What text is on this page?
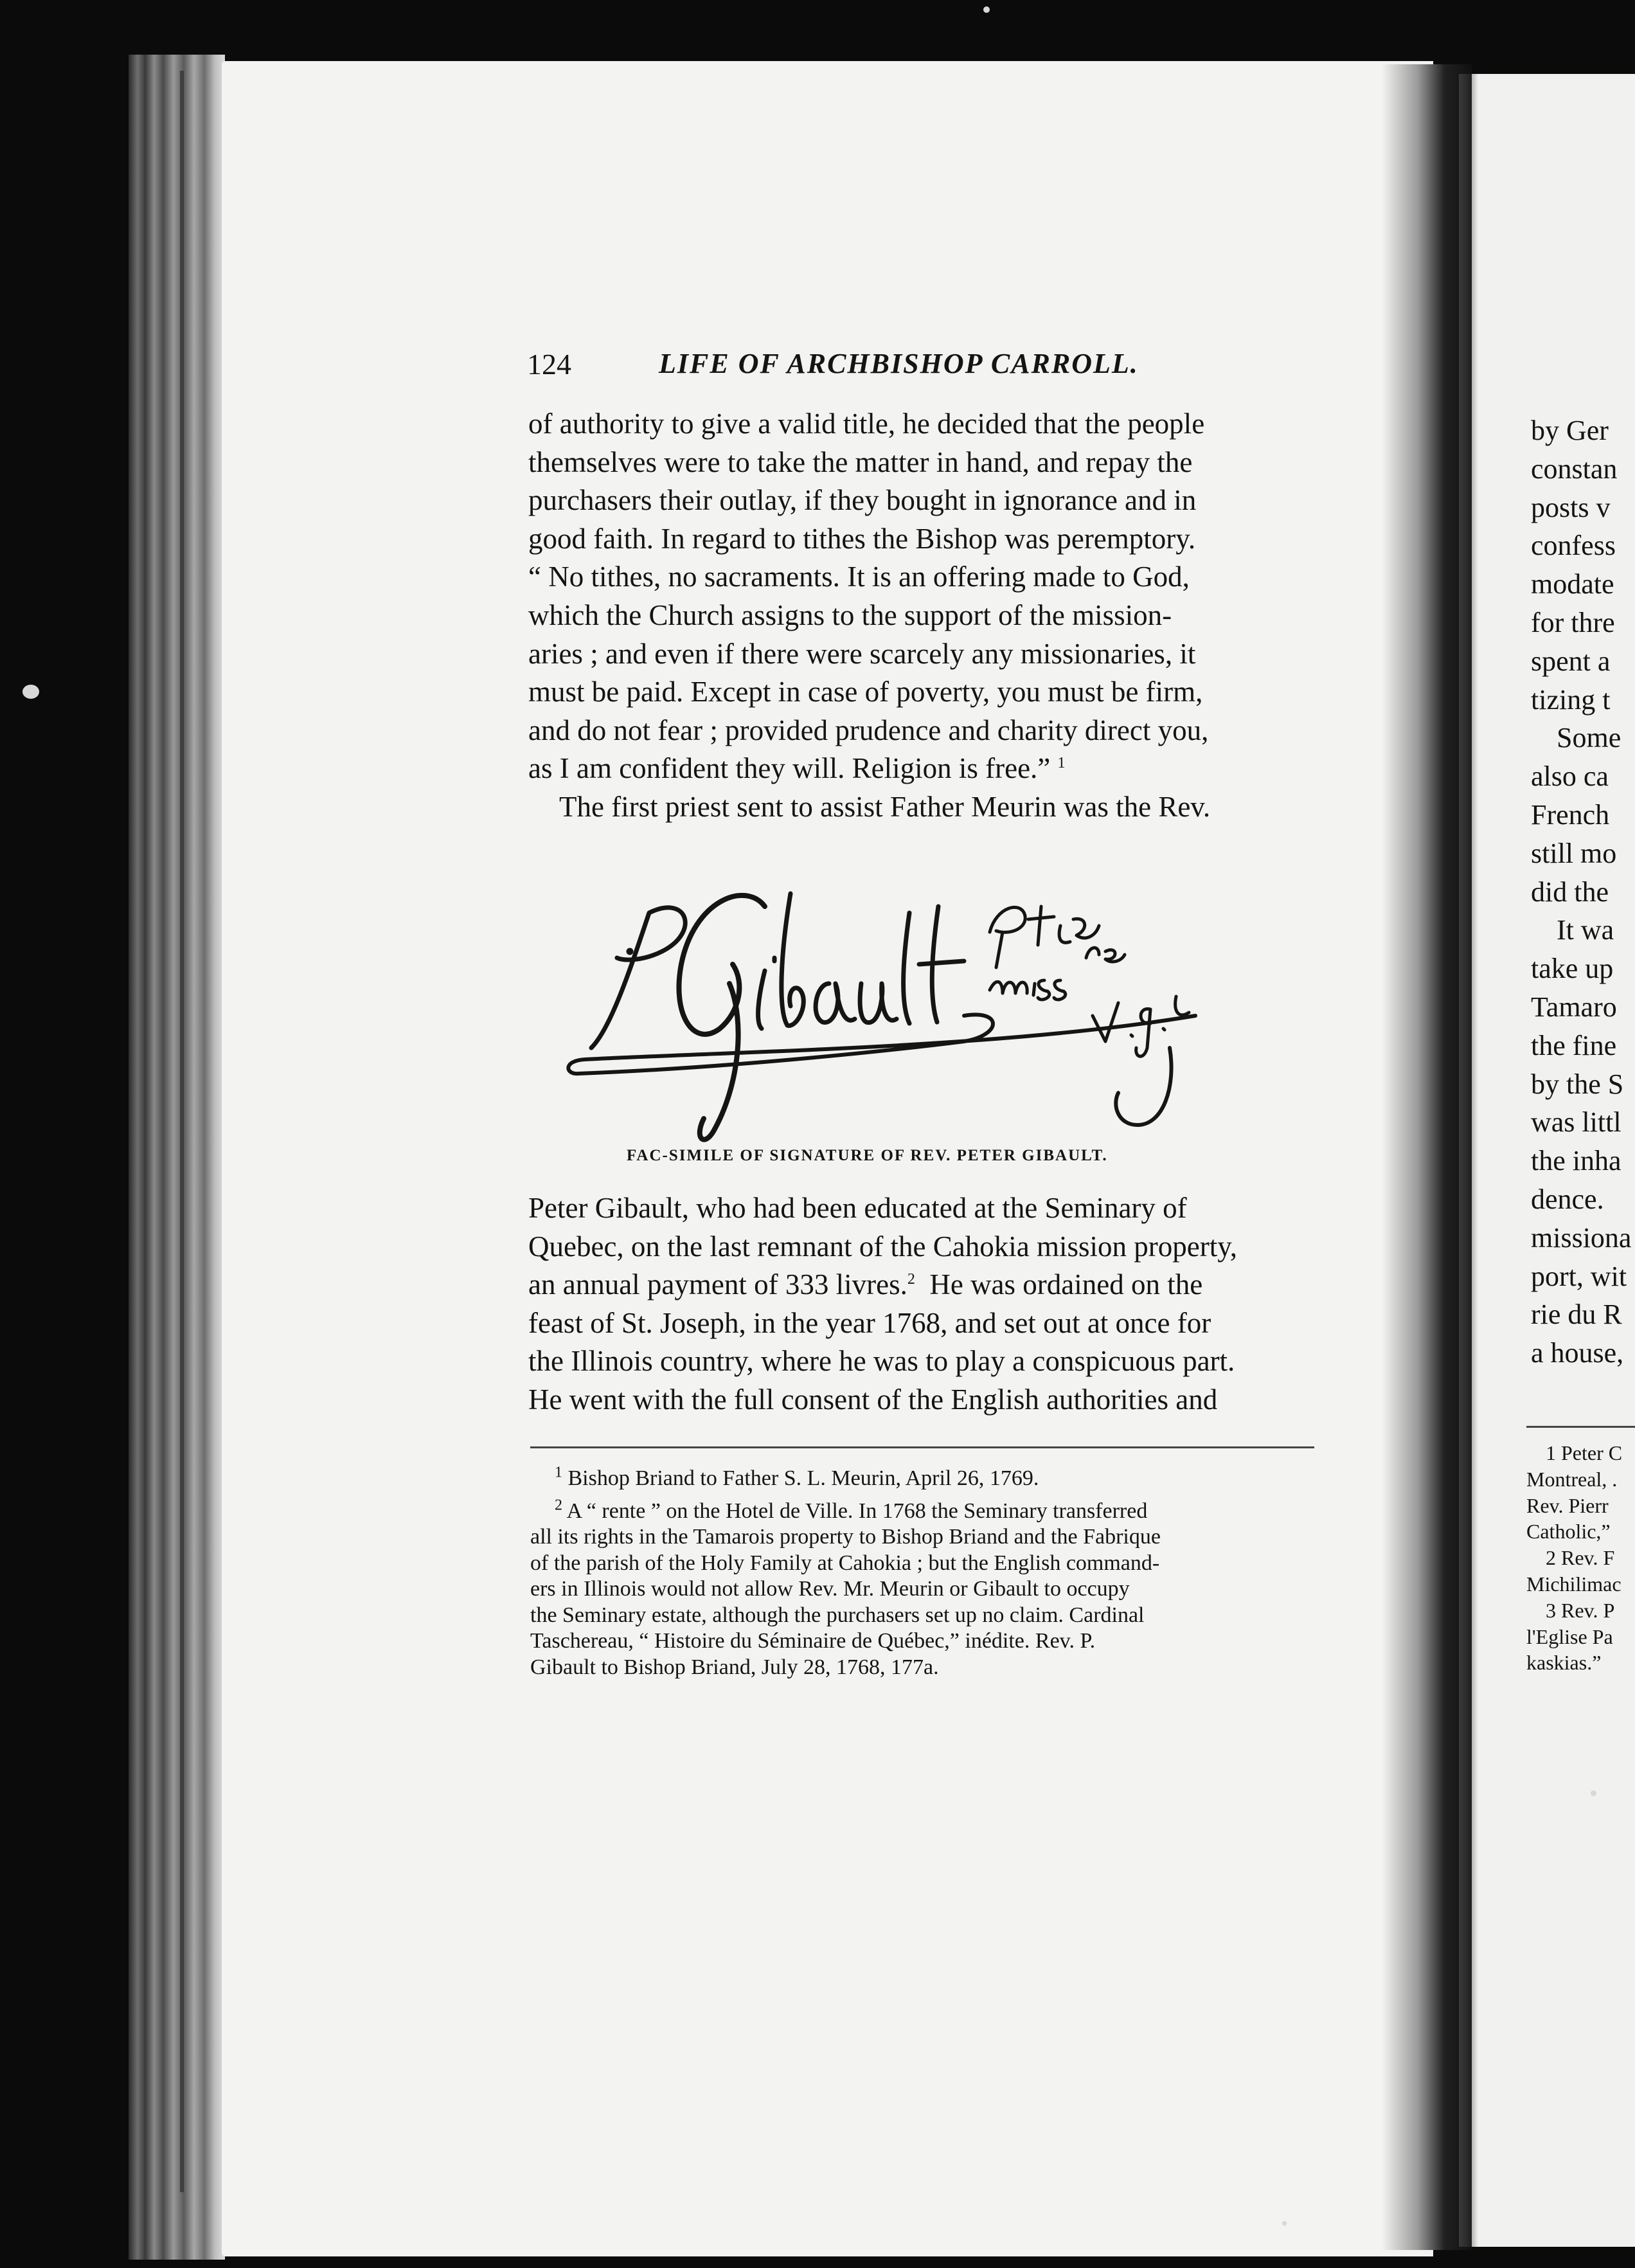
124	LIFE OF ARCHBISHOP CARROLL.

of authority to give a valid title, he decided that the people

themselves were to take the matter in hand, and repay the

purchasers their outlay, if they bought in ignorance and in

good faith. In regard to tithes the Bishop was peremptory.

“ No tithes, no sacraments. It is an offering made to God,

which the Church assigns to the support of the mission-

aries ; and even if there were scarcely any missionaries, it

must be paid. Except in case of poverty, you must be firm,

and do not fear ; provided prudence and charity direct you,

as I am confident they will. Religion is free.” $^1$

The first priest sent to assist Father Meurin was the Rev.

FAC-SIMILE OF SIGNATURE OF REV. PETER GIBAULT.

Peter Gibault, who had been educated at the Seminary of

Quebec, on the last remnant of the Cahokia mission property,

an annual payment of 333 livres.$^2$  He was ordained on the

feast of St. Joseph, in the year 1768, and set out at once for

the Illinois country, where he was to play a conspicuous part.

He went with the full consent of the English authorities and

$^1$ Bishop Briand to Father S. L. Meurin, April 26, 1769.

$^2$ A “ rente ” on the Hotel de Ville. In 1768 the Seminary transferred

all its rights in the Tamarois property to Bishop Briand and the Fabrique

of the parish of the Holy Family at Cahokia ; but the English command-

ers in Illinois would not allow Rev. Mr. Meurin or Gibault to occupy

the Seminary estate, although the purchasers set up no claim. Cardinal

Taschereau, “ Histoire du Séminaire de Québec,” inédite. Rev. P.

Gibault to Bishop Briand, July 28, 1768, 177a.

by Ger
constan
posts v
confess
modate
for thre
spent a
tizing t
Some
also ca
French
still mo
did the
It wa
take up
Tamaro
the fine
by the S
was littl
the inha
dence.
missiona
port, wit
rie du R
a house,
1 Peter C
Montreal, .
Rev. Pierr
Catholic,”
2 Rev. F
Michilimac
3 Rev. P
l'Eglise Pa
kaskias.”
